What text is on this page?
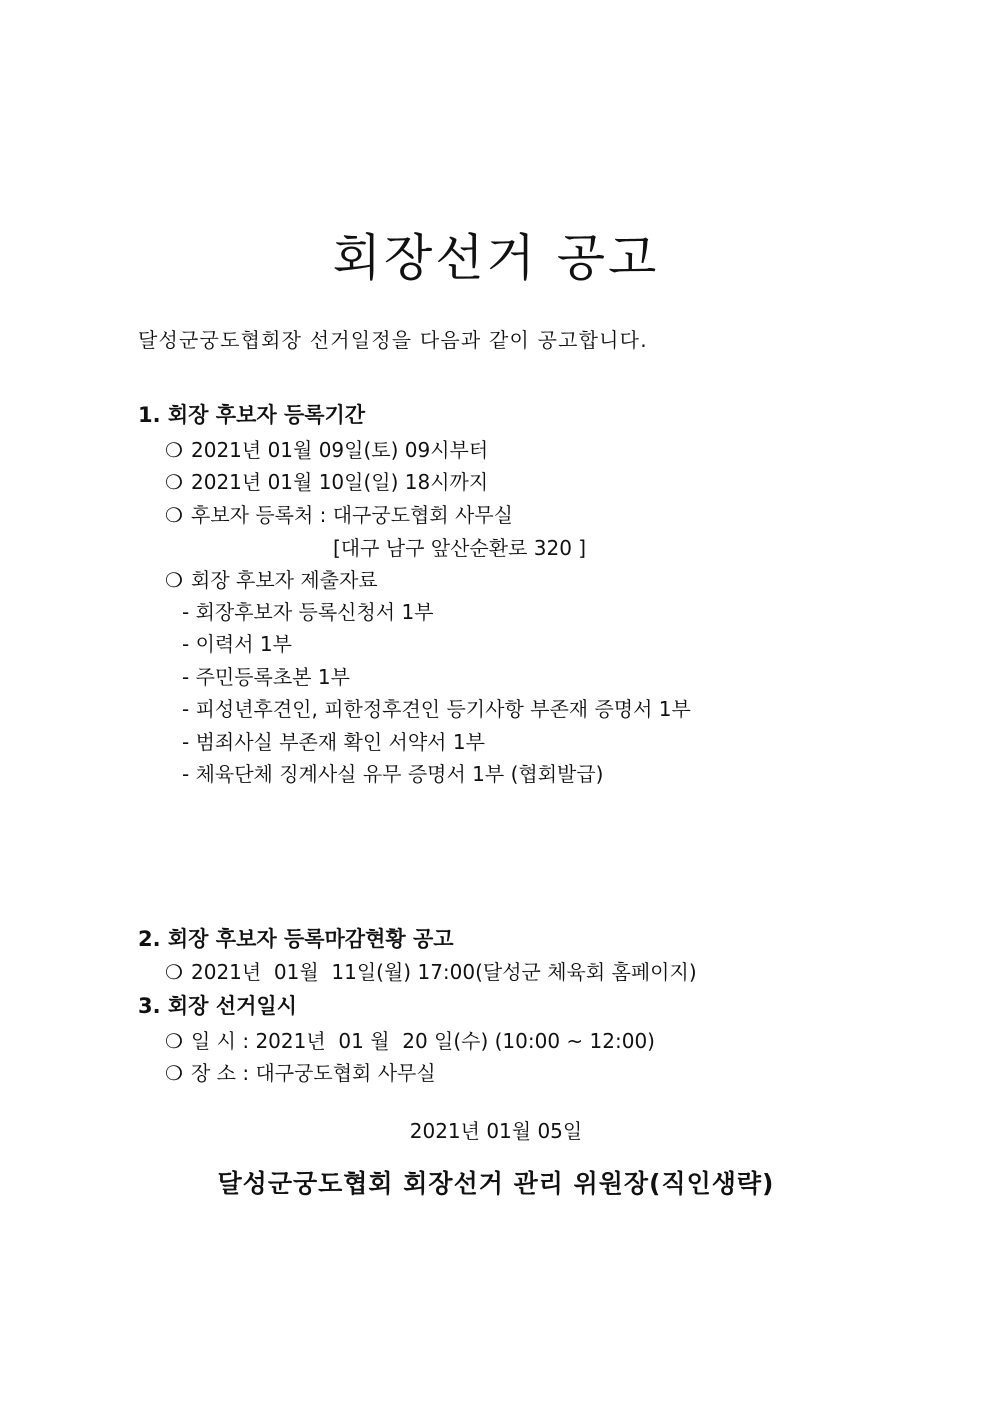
회장선거 공고
달성군궁도협회장 선거일정을 다음과 같이 공고합니다.
1. 회장 후보자 등록기간
❍ 2021년 01월 09일(토) 09시부터
❍ 2021년 01월 10일(일) 18시까지
❍ 후보자 등록처 : 대구궁도협회 사무실
[대구 남구 앞산순환로 320 ]
❍ 회장 후보자 제출자료
- 회장후보자 등록신청서 1부
- 이력서 1부
- 주민등록초본 1부
- 피성년후견인, 피한정후견인 등기사항 부존재 증명서 1부
- 범죄사실 부존재 확인 서약서 1부
- 체육단체 징계사실 유무 증명서 1부 (협회발급)
2. 회장 후보자 등록마감현황 공고
❍ 2021년  01월  11일(월) 17:00(달성군 체육회 홈페이지)
3. 회장 선거일시
❍ 일 시 : 2021년  01 월  20 일(수) (10:00 ~ 12:00)
❍ 장 소 : 대구궁도협회 사무실
2021년 01월 05일
달성군궁도협회 회장선거 관리 위원장(직인생략)
